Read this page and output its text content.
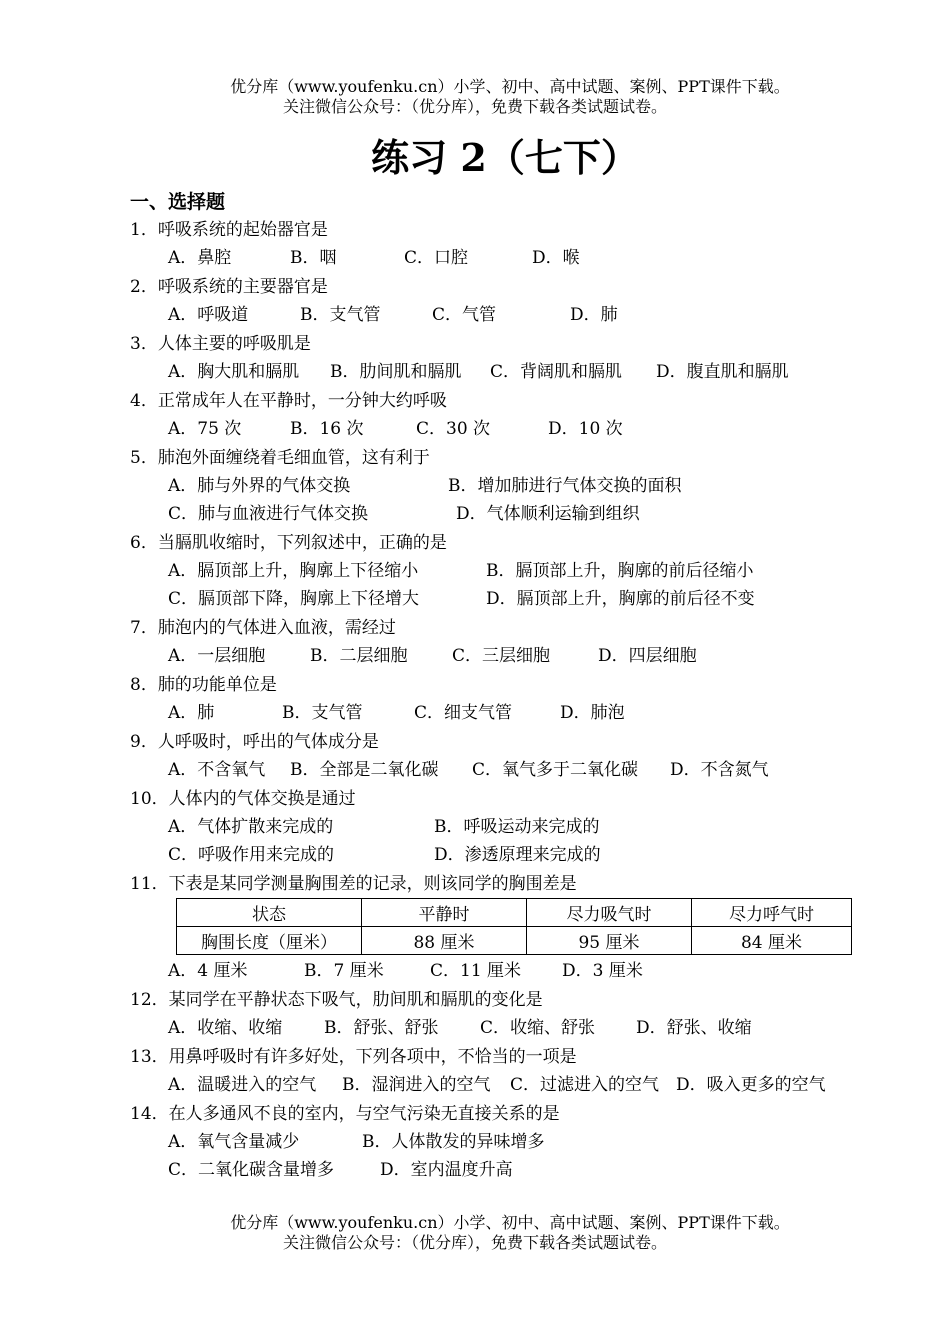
优分库（www.youfenku.cn）小学、初中、高中试题、案例、PPT课件下载。
关注微信公众号：（优分库），免费下载各类试题试卷。
练习 2（七下）
一、选择题
1．呼吸系统的起始器官是
A．鼻腔	B．咽	C．口腔	D．喉
2．呼吸系统的主要器官是
A．呼吸道	B．支气管	C．气管	D．肺
3．人体主要的呼吸肌是
A．胸大肌和膈肌 B．肋间肌和膈肌 C．背阔肌和膈肌 D．腹直肌和膈肌
4．正常成年人在平静时，一分钟大约呼吸
A．75 次	B．16 次	C．30 次	D．10 次
5．肺泡外面缠绕着毛细血管，这有利于
A．肺与外界的气体交换	B．增加肺进行气体交换的面积
C．肺与血液进行气体交换	D．气体顺利运输到组织
6．当膈肌收缩时，下列叙述中，正确的是
A．膈顶部上升，胸廓上下径缩小	B．膈顶部上升，胸廓的前后径缩小
C．膈顶部下降，胸廓上下径增大	D．膈顶部上升，胸廓的前后径不变
7．肺泡内的气体进入血液，需经过
A．一层细胞	B．二层细胞	C．三层细胞	D．四层细胞
8．肺的功能单位是
A．肺	B．支气管	C．细支气管	D．肺泡
9．人呼吸时，呼出的气体成分是
A．不含氧气 B．全部是二氧化碳 C．氧气多于二氧化碳 D．不含氮气
10．人体内的气体交换是通过
A．气体扩散来完成的	B．呼吸运动来完成的
C．呼吸作用来完成的	D．渗透原理来完成的
11．下表是某同学测量胸围差的记录，则该同学的胸围差是
状态	平静时	尽力吸气时	尽力呼气时
胸围长度（厘米）	88 厘米	95 厘米	84 厘米
A．4 厘米	B．7 厘米	C．11 厘米 D．3 厘米
12．某同学在平静状态下吸气，肋间肌和膈肌的变化是
A．收缩、收缩 B．舒张、舒张 C．收缩、舒张 D．舒张、收缩
13．用鼻呼吸时有许多好处，下列各项中，不恰当的一项是
A．温暖进入的空气 B．湿润进入的空气 C．过滤进入的空气 D．吸入更多的空气
14．在人多通风不良的室内，与空气污染无直接关系的是
A．氧气含量减少	B．人体散发的异味增多
C．二氧化碳含量增多	D．室内温度升高
优分库（www.youfenku.cn）小学、初中、高中试题、案例、PPT课件下载。
关注微信公众号：（优分库），免费下载各类试题试卷。
